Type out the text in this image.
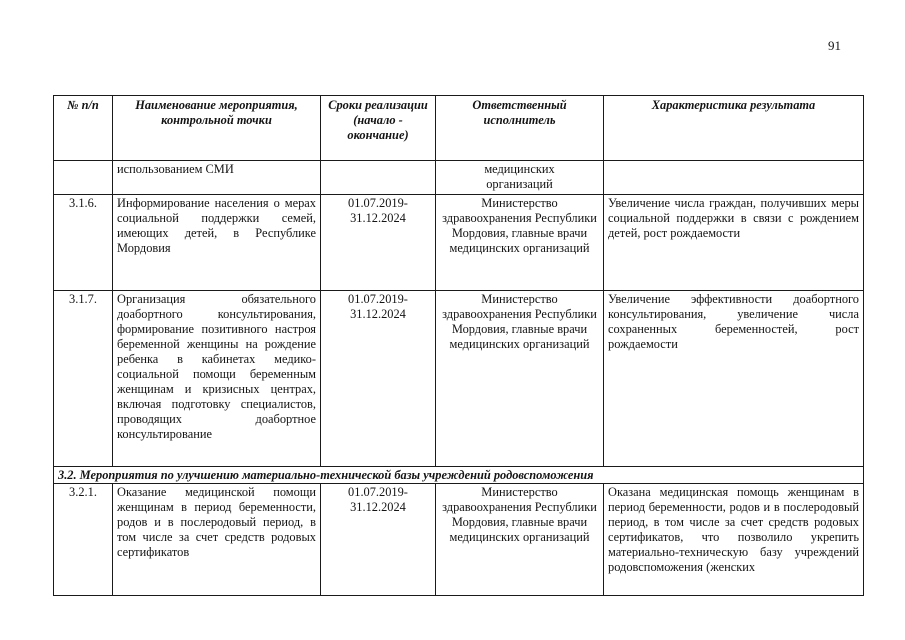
91
№ п/п	Наименование мероприятия, контрольной точки	Сроки реализации (начало - окончание)	Ответственный исполнитель	Характеристика результата
	использованием СМИ		медицинских организаций	
3.1.6.	Информирование населения о мерах социальной поддержки семей, имеющих детей, в Республике Мордовия	01.07.2019-31.12.2024	Министерство здравоохранения Республики Мордовия, главные врачи медицинских организаций	Увеличение числа граждан, получивших меры социальной поддержки в связи с рождением детей, рост рождаемости
3.1.7.	Организация обязательного доабортного консультирования, формирование позитивного настроя беременной женщины на рождение ребенка в кабинетах медико-социальной помощи беременным женщинам и кризисных центрах, включая подготовку специалистов, проводящих доабортное консультирование	01.07.2019-31.12.2024	Министерство здравоохранения Республики Мордовия, главные врачи медицинских организаций	Увеличение эффективности доабортного консультирования, увеличение числа сохраненных беременностей, рост рождаемости
3.2. Мероприятия по улучшению материально-технической базы учреждений родовспоможения				
3.2.1.	Оказание медицинской помощи женщинам в период беременности, родов и в послеродовый период, в том числе за счет средств родовых сертификатов	01.07.2019-31.12.2024	Министерство здравоохранения Республики Мордовия, главные врачи медицинских организаций	Оказана медицинская помощь женщинам в период беременности, родов и в послеродовый период, в том числе за счет средств родовых сертификатов, что позволило укрепить материально-техническую базу учреждений родовспоможения (женских
